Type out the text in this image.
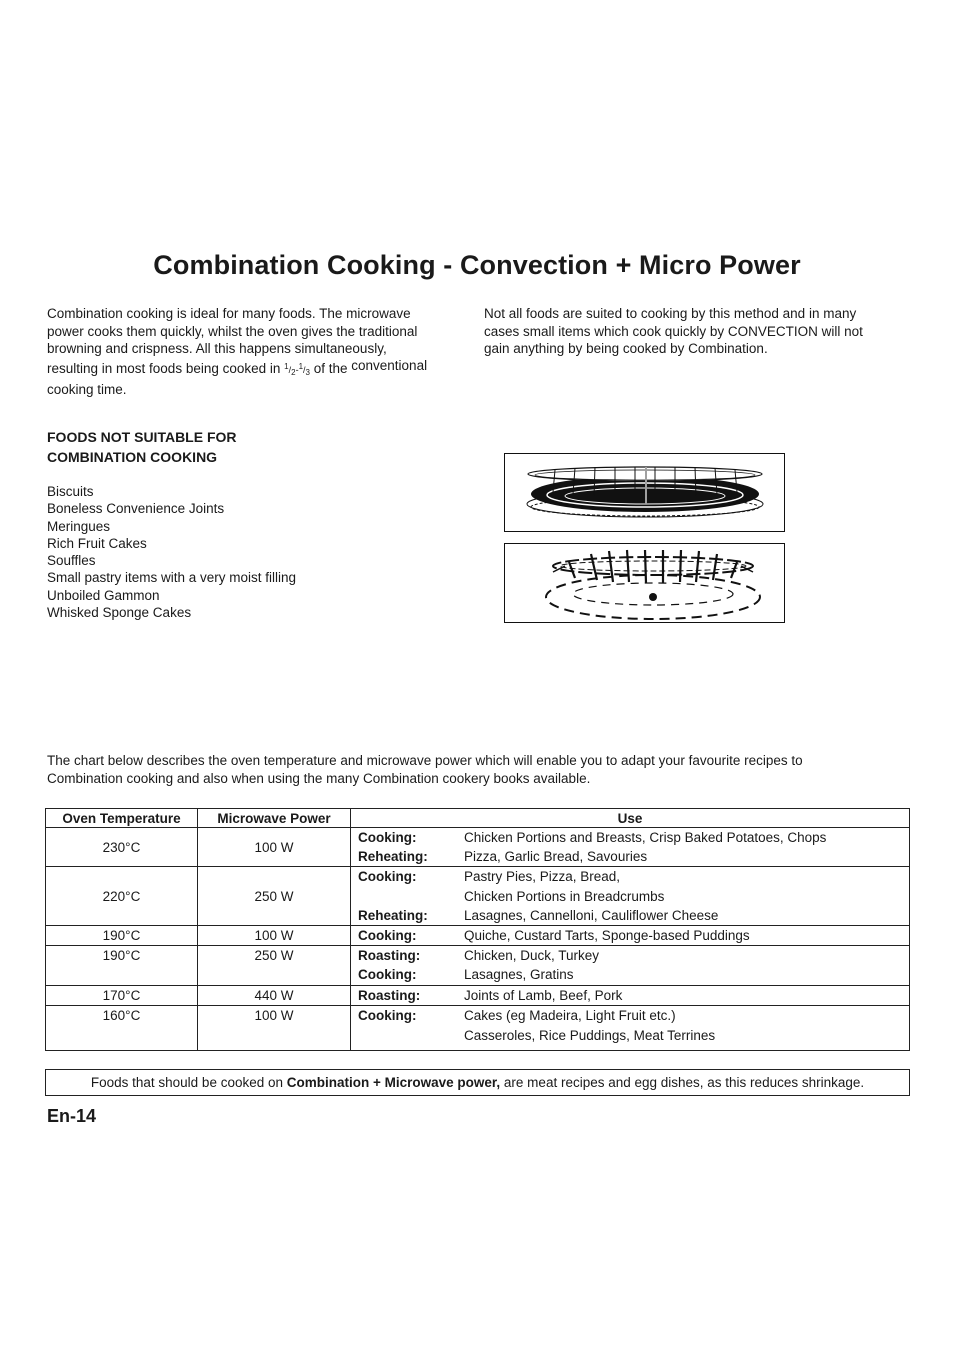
Combination Cooking - Convection + Micro Power
Combination cooking is ideal for many foods. The microwave
power cooks them quickly, whilst the oven gives the traditional
browning and crispness. All this happens simultaneously,
resulting in most foods being cooked in $^1/_2-^1/_3$ of the conventional
cooking time.
Not all foods are suited to cooking by this method and in many
cases small items which cook quickly by CONVECTION will not
gain anything by being cooked by Combination.
FOODS NOT SUITABLE FOR
COMBINATION COOKING
Biscuits
Boneless Convenience Joints
Meringues
Rich Fruit Cakes
Souffles
Small pastry items with a very moist filling
Unboiled Gammon
Whisked Sponge Cakes
The chart below describes the oven temperature and microwave power which will enable you to adapt your favourite recipes to
Combination cooking and also when using the many Combination cookery books available.
Oven Temperature	Microwave Power	Use

230°C	100 W	Cooking: Chicken Portions and Breasts, Crisp Baked Potatoes, Chops
Reheating: Pizza, Garlic Bread, Savouries

220°C	250 W	Cooking: Pastry Pies, Pizza, Bread,
Chicken Portions in Breadcrumbs
Reheating: Lasagnes, Cannelloni, Cauliflower Cheese

190°C	100 W	Cooking: Quiche, Custard Tarts, Sponge-based Puddings

190°C	250 W	Roasting: Chicken, Duck, Turkey
Cooking: Lasagnes, Gratins

170°C	440 W	Roasting: Joints of Lamb, Beef, Pork

160°C	100 W	Cooking: Cakes (eg Madeira, Light Fruit etc.)
Casseroles, Rice Puddings, Meat Terrines
Foods that should be cooked on Combination + Microwave power, are meat recipes and egg dishes, as this reduces shrinkage.
En-14
